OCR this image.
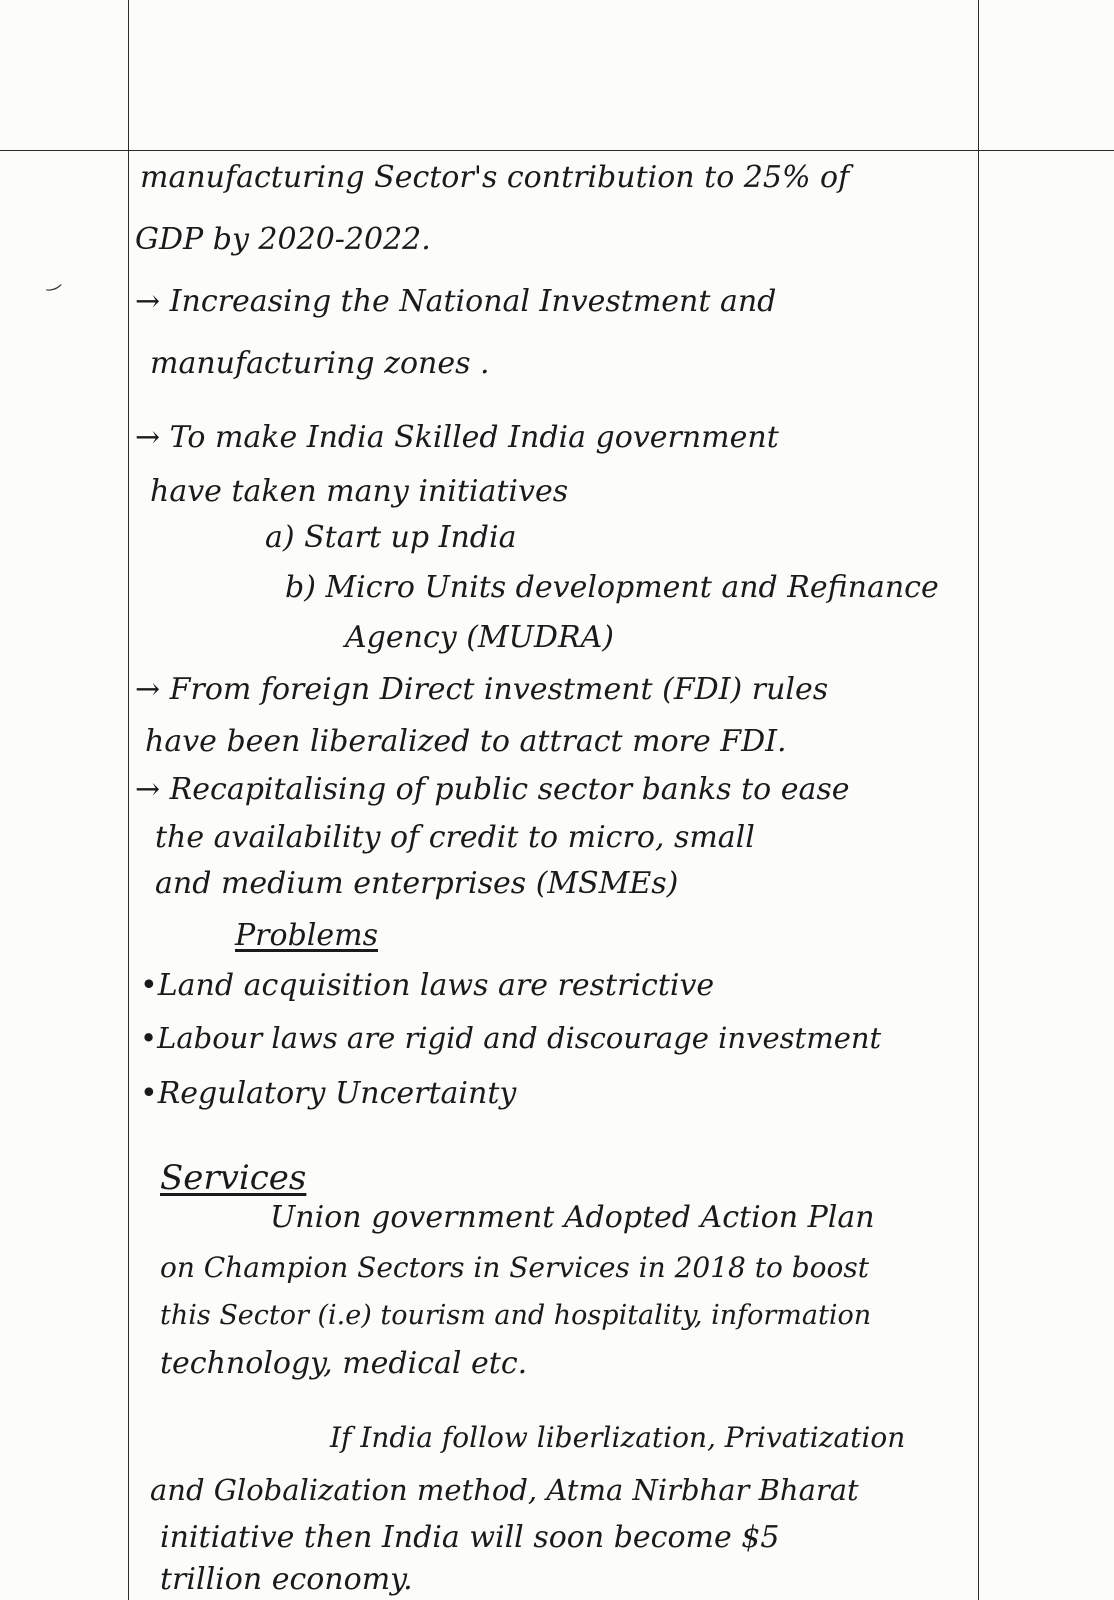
‿
manufacturing Sector's contribution to 25% of
GDP by 2020-2022.
→ Increasing the National Investment and
manufacturing zones .
→ To make India Skilled India government
have taken many initiatives
a) Start up India
b) Micro Units development and Refinance
Agency (MUDRA)
→ From foreign Direct investment (FDI) rules
have been liberalized to attract more FDI.
→ Recapitalising of public sector banks to ease
the availability of credit to micro, small
and medium enterprises (MSMEs)
Problems
•Land acquisition laws are restrictive
•Labour laws are rigid and discourage investment
•Regulatory Uncertainty
Services
Union government Adopted Action Plan
on Champion Sectors in Services in 2018 to boost
this Sector (i.e) tourism and hospitality, information
technology, medical etc.
If India follow liberlization, Privatization
and Globalization method, Atma Nirbhar Bharat
initiative then India will soon become $5
trillion economy.
